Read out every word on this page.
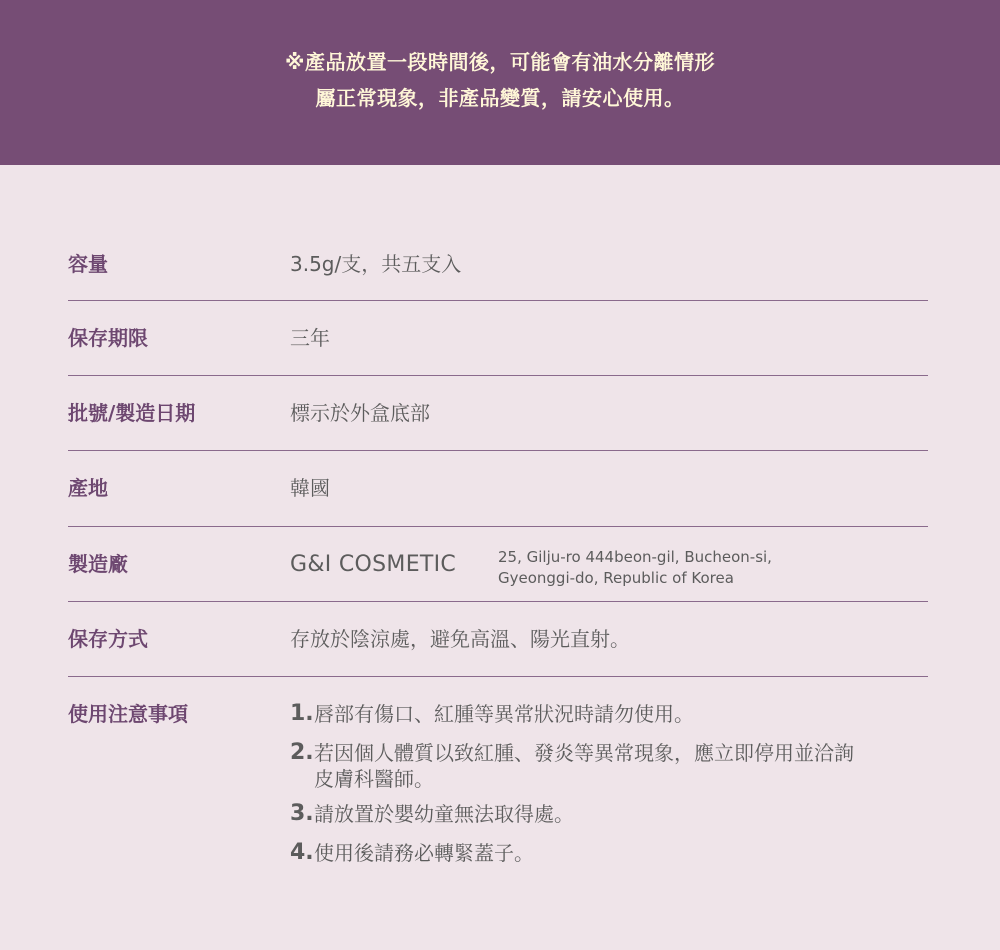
※產品放置一段時間後，可能會有油水分離情形
屬正常現象，非產品變質，請安心使用。
容量	3.5g/支，共五支入
保存期限	三年
批號/製造日期	標示於外盒底部
產地	韓國
製造廠	G&I COSMETIC	25, Gilju-ro 444beon-gil, Bucheon-si,
Gyeonggi-do, Republic of Korea
保存方式	存放於陰涼處，避免高溫、陽光直射。
使用注意事項	1. 唇部有傷口、紅腫等異常狀況時請勿使用。
2. 若因個人體質以致紅腫、發炎等異常現象，應立即停用並洽詢皮膚科醫師。
3. 請放置於嬰幼童無法取得處。
4. 使用後請務必轉緊蓋子。
